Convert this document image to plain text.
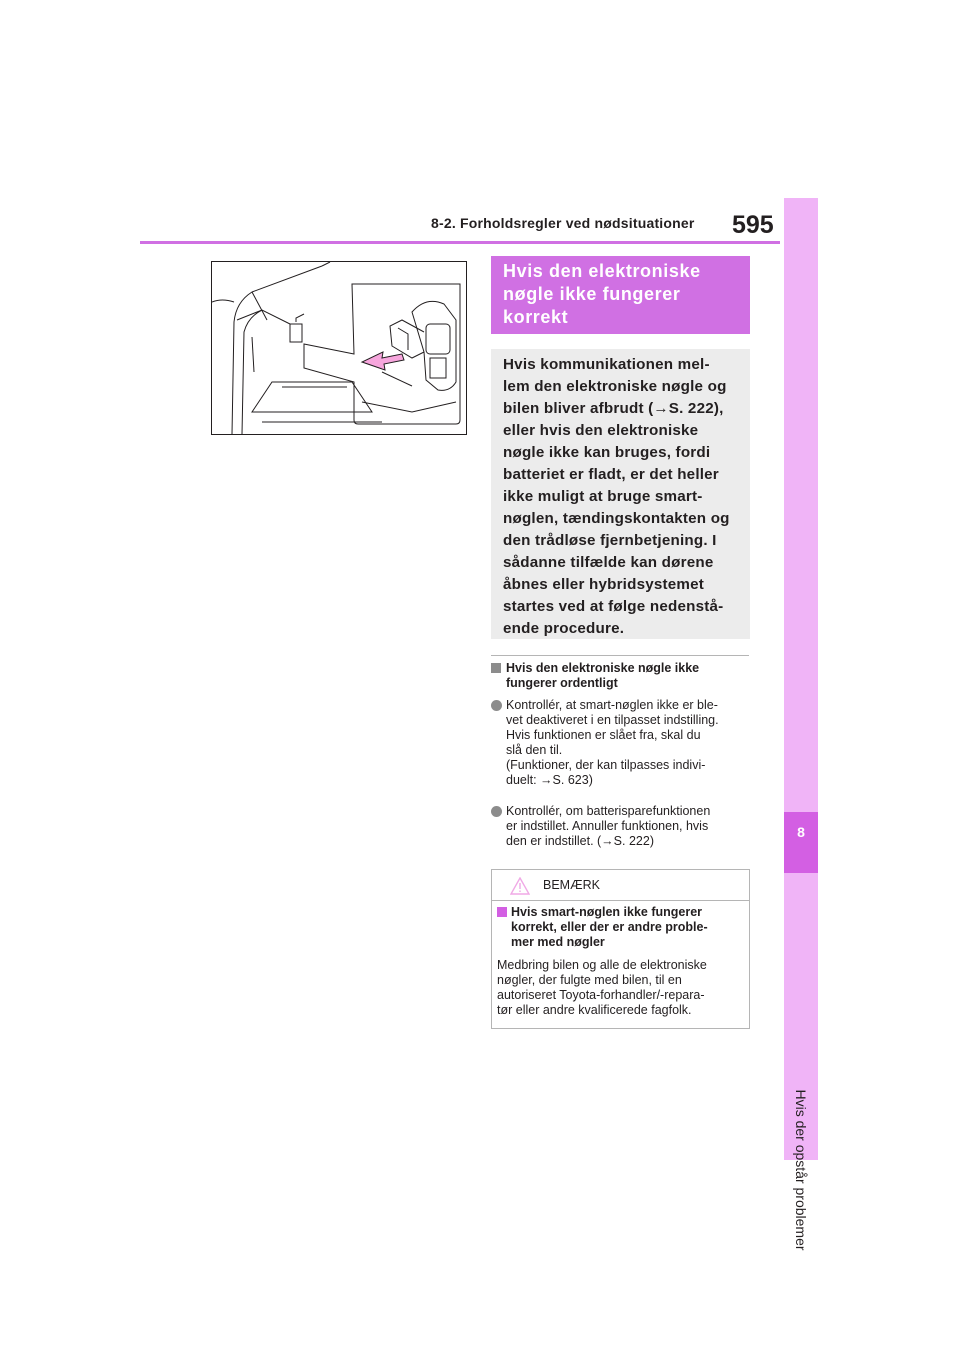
8-2. Forholdsregler ved nødsituationer 595
8
Hvis der opstår problemer
Hvis den elektroniske nøgle ikke fungerer korrekt

Hvis kommunikationen mel-

lem den elektroniske nøgle og

bilen bliver afbrudt (→S. 222),

eller hvis den elektroniske

nøgle ikke kan bruges, fordi

batteriet er fladt, er det heller

ikke muligt at bruge smart-

nøglen, tændingskontakten og

den trådløse fjernbetjening. I

sådanne tilfælde kan dørene

åbnes eller hybridsystemet

startes ved at følge nedenstå-

ende procedure.

Hvis den elektroniske nøgle ikke fungerer ordentligt
Kontrollér, at smart-nøglen ikke er ble-
vet deaktiveret i en tilpasset indstilling.
Hvis funktionen er slået fra, skal du
slå den til.
(Funktioner, der kan tilpasses indivi-
duelt: →S. 623)
Kontrollér, om batterisparefunktionen
er indstillet. Annuller funktionen, hvis
den er indstillet. (→S. 222)
BEMÆRK
Hvis smart-nøglen ikke fungerer
korrekt, eller der er andre proble-
mer med nøgler
Medbring bilen og alle de elektroniske
nøgler, der fulgte med bilen, til en
autoriseret Toyota-forhandler/-repara-
tør eller andre kvalificerede fagfolk.
